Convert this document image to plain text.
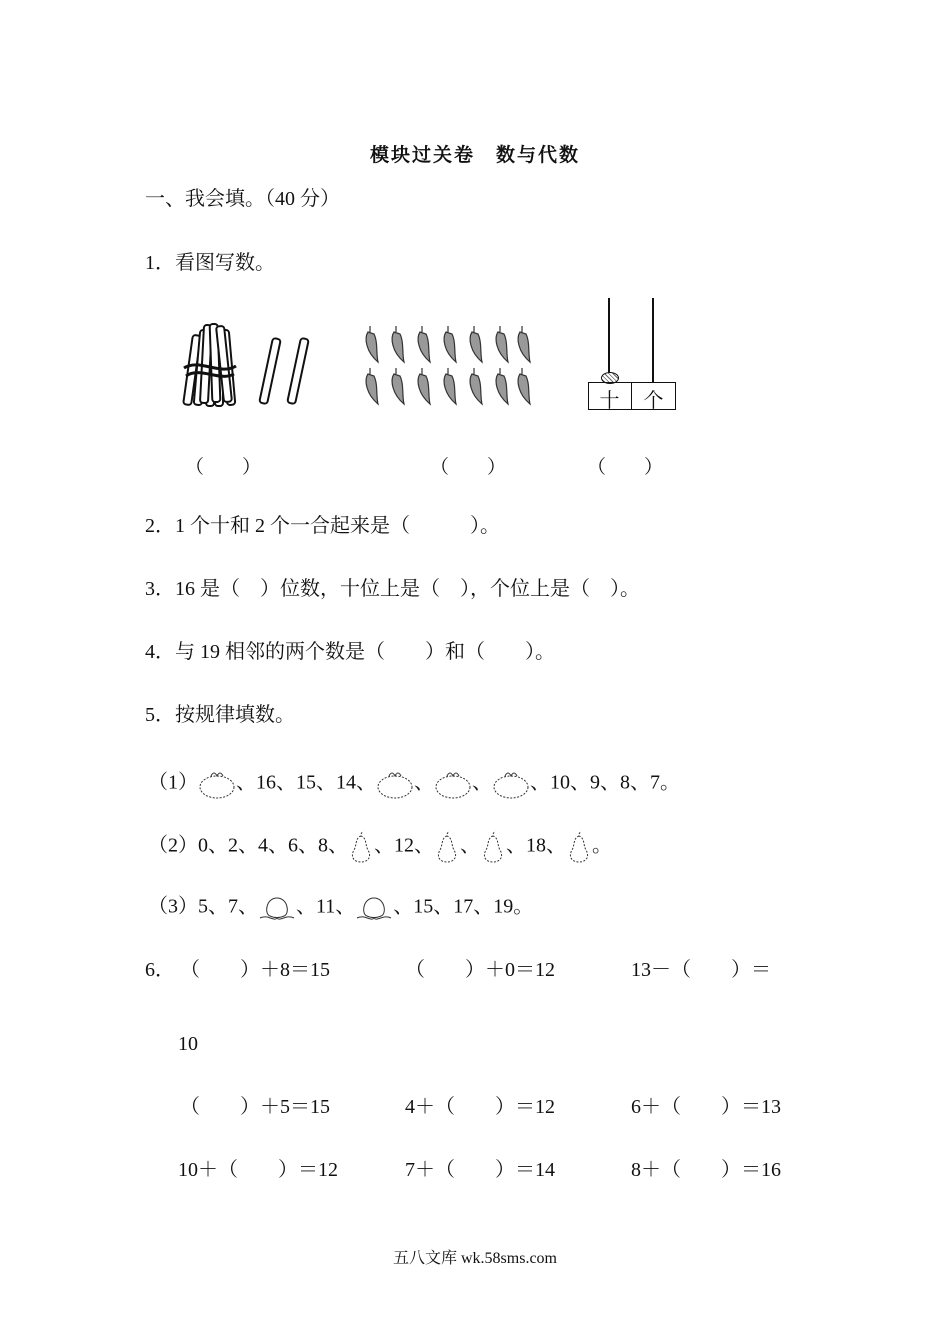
模块过关卷　数与代数
一、我会填。（40 分）
1．看图写数。
十	个
（　　）	（　　）	（　　）
2．1 个十和 2 个一合起来是（　　　）。
3．16 是（　）位数，十位上是（　），个位上是（　）。
4．与 19 相邻的两个数是（　　）和（　　）。
5．按规律填数。
（1） 、16、15、14、 、 、 、10、9、8、7。
（2）0、2、4、6、8、 、12、 、 、18、 。
（3）5、7、 、11、 、15、17、19。
6． （　　）＋8＝15	（　　）＋0＝12	13－（　　）＝
10
（　　）＋5＝15	4＋（　　）＝12	6＋（　　）＝13
10＋（　　）＝12	7＋（　　）＝14	8＋（　　）＝16
五八文库 wk.58sms.com
